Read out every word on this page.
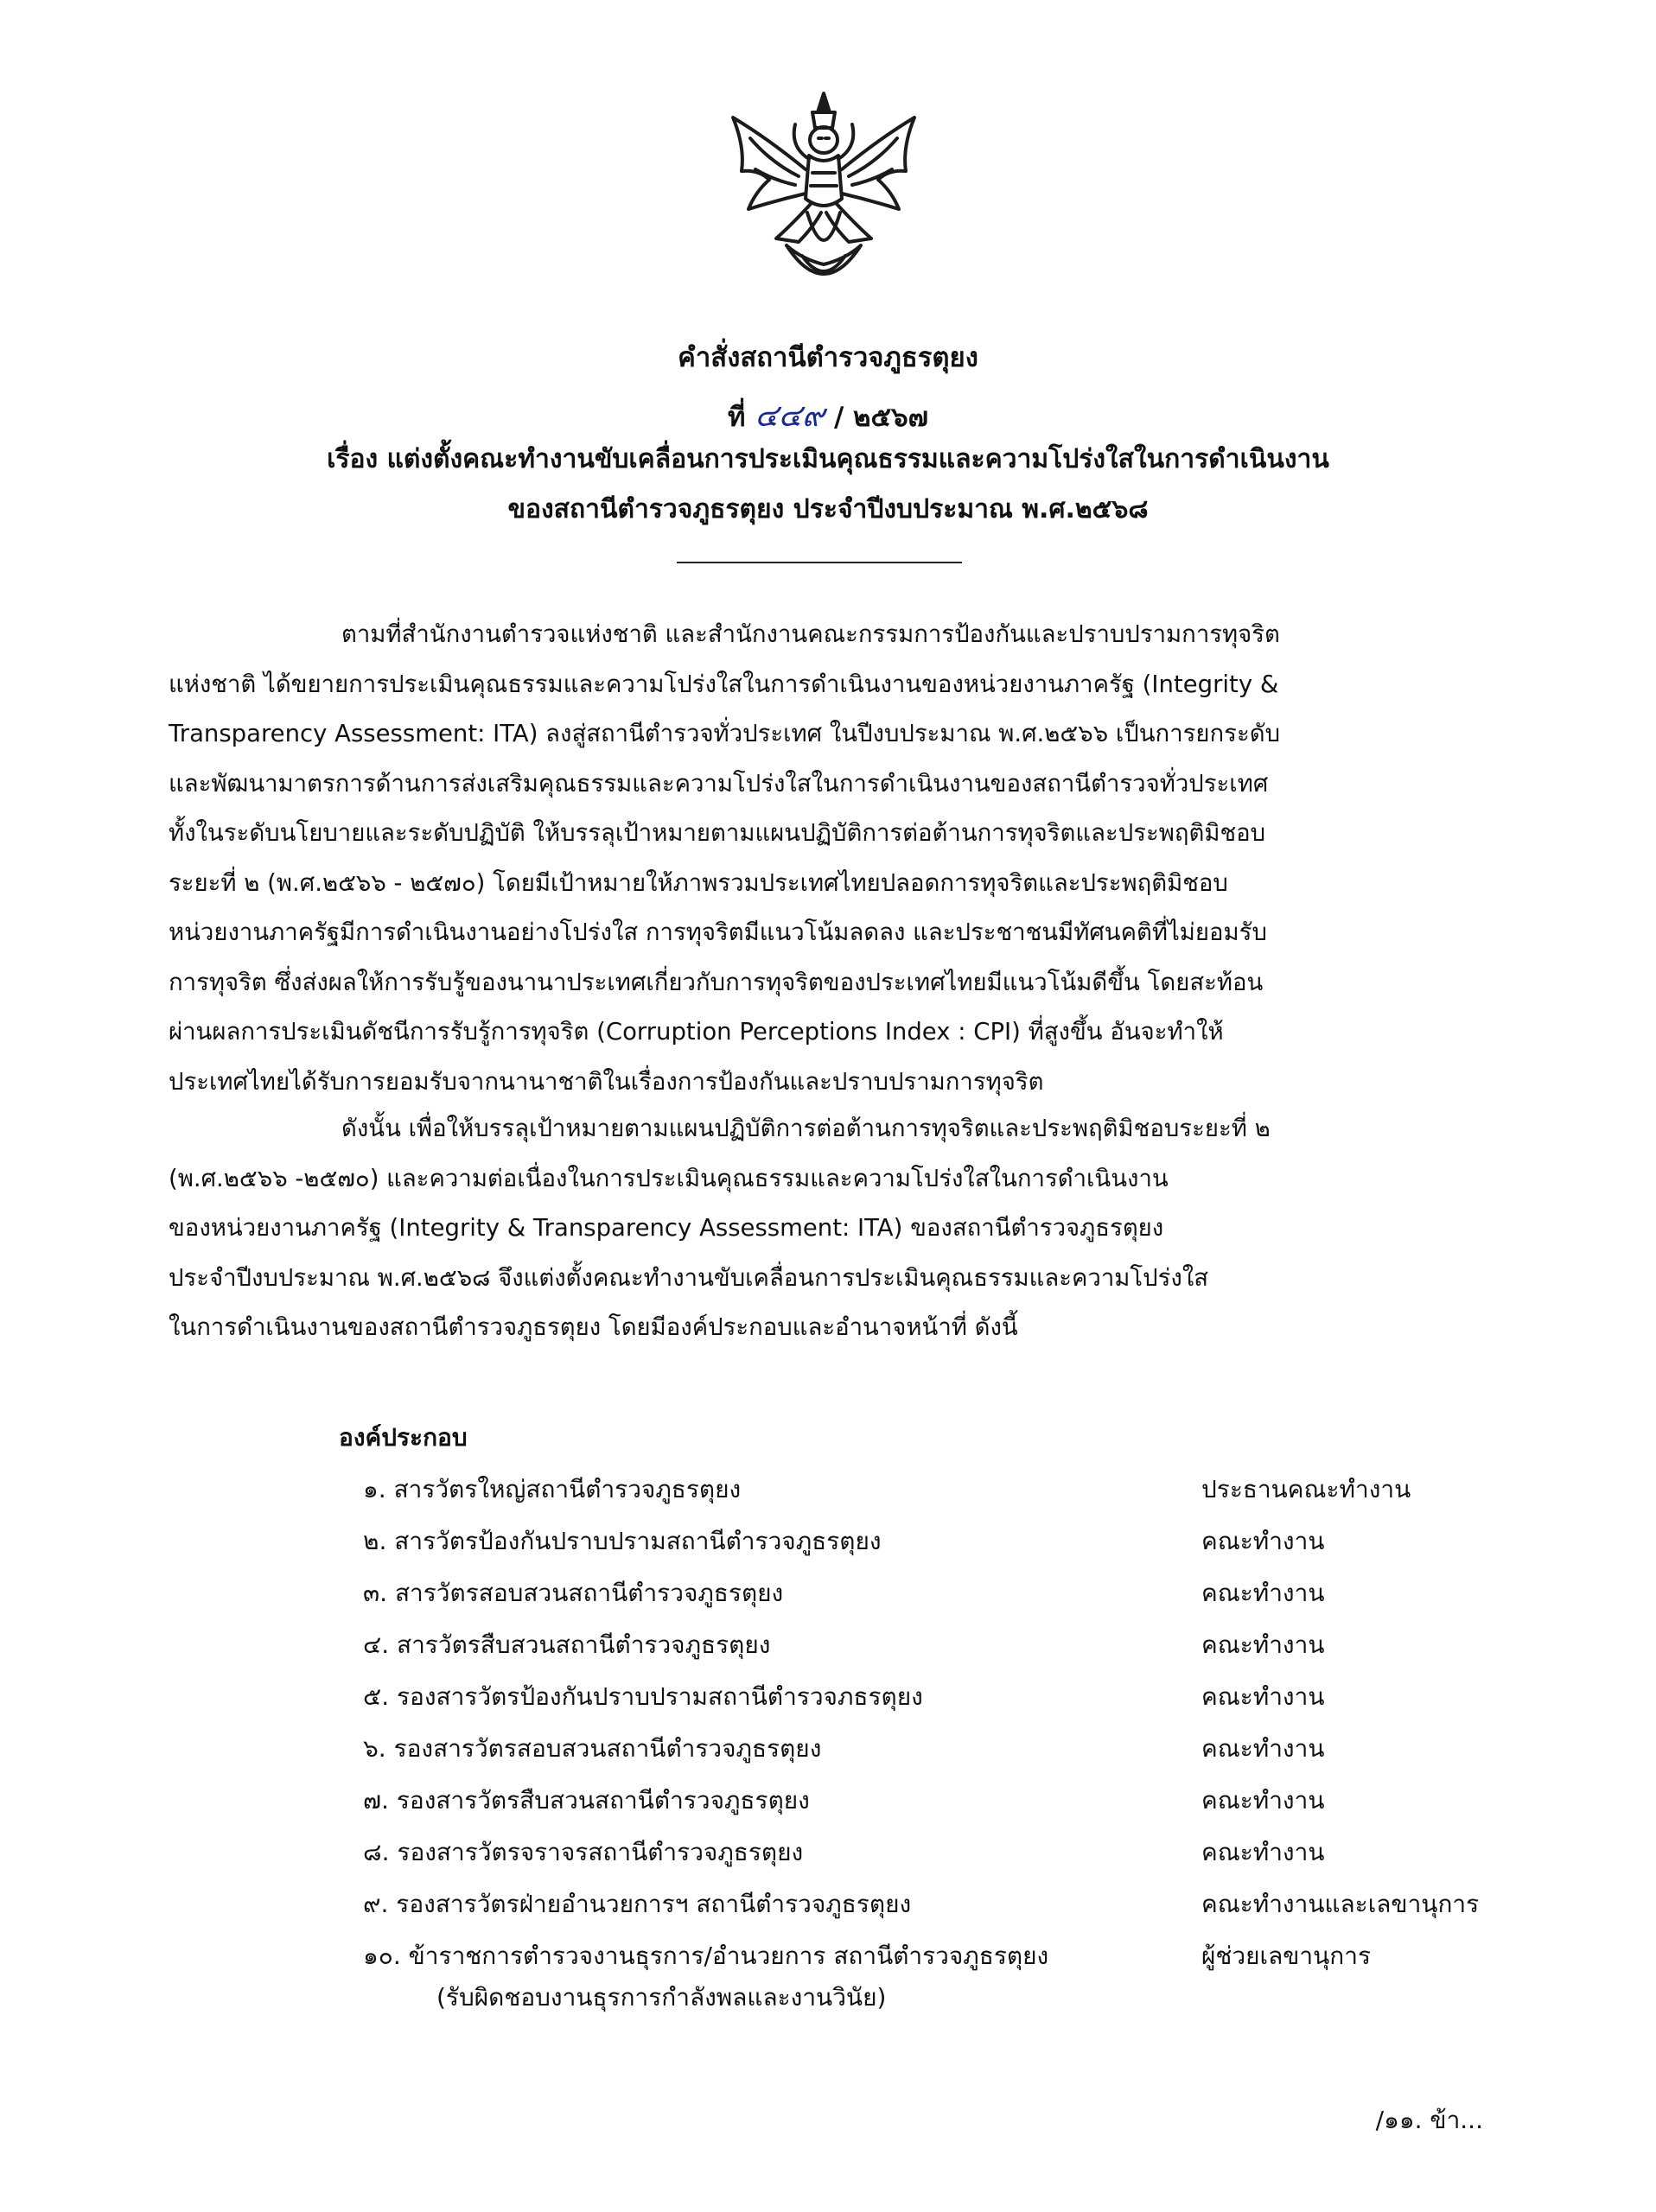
คำสั่งสถานีตำรวจภูธรตุยง
ที่ ๔๔๙ / ๒๕๖๗
เรื่อง แต่งตั้งคณะทำงานขับเคลื่อนการประเมินคุณธรรมและความโปร่งใสในการดำเนินงาน
ของสถานีตำรวจภูธรตุยง ประจำปีงบประมาณ พ.ศ.๒๕๖๘
ตามที่สำนักงานตำรวจแห่งชาติ และสำนักงานคณะกรรมการป้องกันและปราบปรามการทุจริต
แห่งชาติ ได้ขยายการประเมินคุณธรรมและความโปร่งใสในการดำเนินงานของหน่วยงานภาครัฐ (Integrity &
Transparency Assessment: ITA) ลงสู่สถานีตำรวจทั่วประเทศ ในปีงบประมาณ พ.ศ.๒๕๖๖ เป็นการยกระดับ
และพัฒนามาตรการด้านการส่งเสริมคุณธรรมและความโปร่งใสในการดำเนินงานของสถานีตำรวจทั่วประเทศ
ทั้งในระดับนโยบายและระดับปฏิบัติ ให้บรรลุเป้าหมายตามแผนปฏิบัติการต่อต้านการทุจริตและประพฤติมิชอบ
ระยะที่ ๒ (พ.ศ.๒๕๖๖ - ๒๕๗๐) โดยมีเป้าหมายให้ภาพรวมประเทศไทยปลอดการทุจริตและประพฤติมิชอบ
หน่วยงานภาครัฐมีการดำเนินงานอย่างโปร่งใส การทุจริตมีแนวโน้มลดลง และประชาชนมีทัศนคติที่ไม่ยอมรับ
การทุจริต ซึ่งส่งผลให้การรับรู้ของนานาประเทศเกี่ยวกับการทุจริตของประเทศไทยมีแนวโน้มดีขึ้น โดยสะท้อน
ผ่านผลการประเมินดัชนีการรับรู้การทุจริต (Corruption Perceptions Index : CPI) ที่สูงขึ้น อันจะทำให้
ประเทศไทยได้รับการยอมรับจากนานาชาติในเรื่องการป้องกันและปราบปรามการทุจริต
ดังนั้น เพื่อให้บรรลุเป้าหมายตามแผนปฏิบัติการต่อต้านการทุจริตและประพฤติมิชอบระยะที่ ๒
(พ.ศ.๒๕๖๖ -๒๕๗๐) และความต่อเนื่องในการประเมินคุณธรรมและความโปร่งใสในการดำเนินงาน
ของหน่วยงานภาครัฐ (Integrity & Transparency Assessment: ITA) ของสถานีตำรวจภูธรตุยง
ประจำปีงบประมาณ พ.ศ.๒๕๖๘ จึงแต่งตั้งคณะทำงานขับเคลื่อนการประเมินคุณธรรมและความโปร่งใส
ในการดำเนินงานของสถานีตำรวจภูธรตุยง โดยมีองค์ประกอบและอำนาจหน้าที่ ดังนี้
องค์ประกอบ
๑. สารวัตรใหญ่สถานีตำรวจภูธรตุยง	ประธานคณะทำงาน
๒. สารวัตรป้องกันปราบปรามสถานีตำรวจภูธรตุยง	คณะทำงาน
๓. สารวัตรสอบสวนสถานีตำรวจภูธรตุยง	คณะทำงาน
๔. สารวัตรสืบสวนสถานีตำรวจภูธรตุยง	คณะทำงาน
๕. รองสารวัตรป้องกันปราบปรามสถานีตำรวจภธรตุยง	คณะทำงาน
๖. รองสารวัตรสอบสวนสถานีตำรวจภูธรตุยง	คณะทำงาน
๗. รองสารวัตรสืบสวนสถานีตำรวจภูธรตุยง	คณะทำงาน
๘. รองสารวัตรจราจรสถานีตำรวจภูธรตุยง	คณะทำงาน
๙. รองสารวัตรฝ่ายอำนวยการฯ สถานีตำรวจภูธรตุยง	คณะทำงานและเลขานุการ
๑๐. ข้าราชการตำรวจงานธุรการ/อำนวยการ สถานีตำรวจภูธรตุยง	ผู้ช่วยเลขานุการ
(รับผิดชอบงานธุรการกำลังพลและงานวินัย)
/๑๑. ข้า...
